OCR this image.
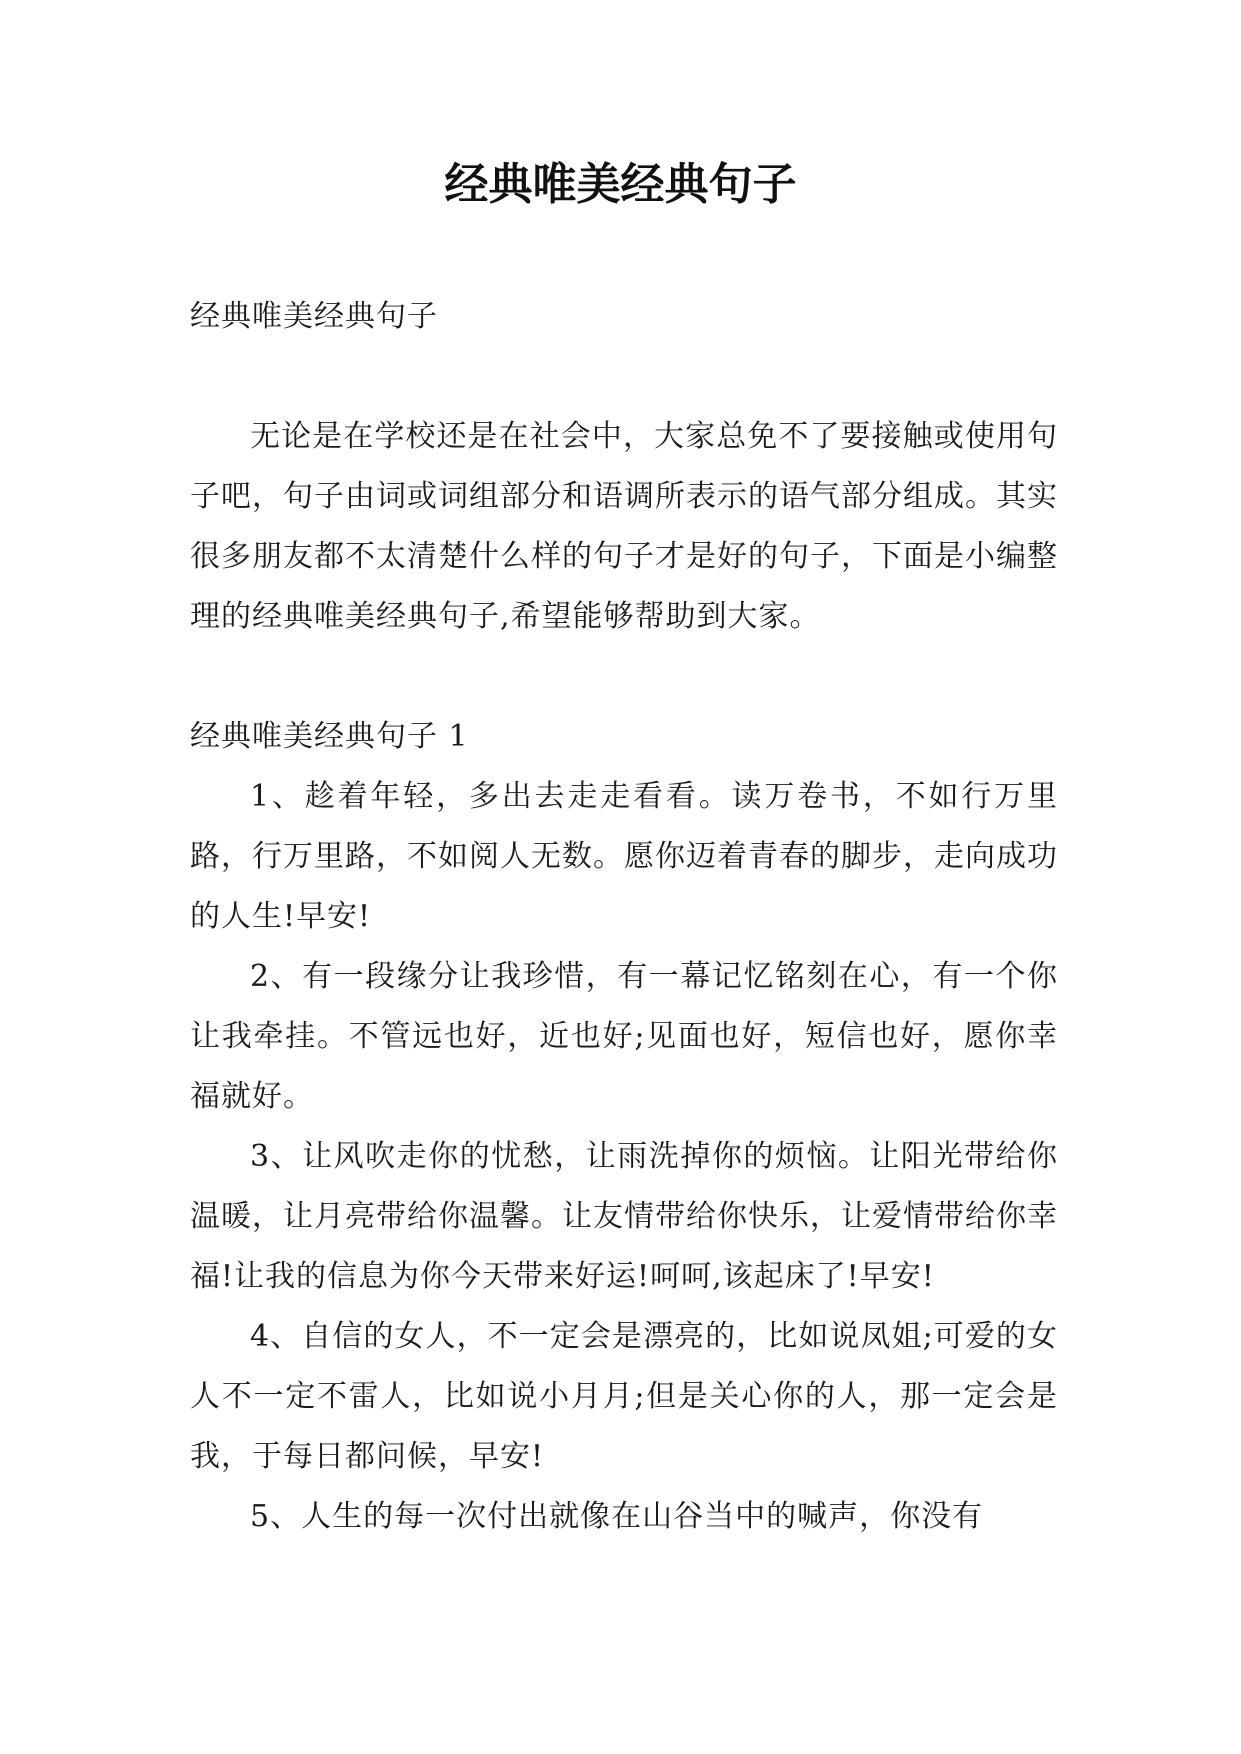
经典唯美经典句子

经典唯美经典句子

无论是在学校还是在社会中，大家总免不了要接触或使用句子吧，句子由词或词组部分和语调所表示的语气部分组成。其实很多朋友都不太清楚什么样的句子才是好的句子，下面是小编整理的经典唯美经典句子,希望能够帮助到大家。

经典唯美经典句子 1

1、趁着年轻，多出去走走看看。读万卷书，不如行万里路，行万里路，不如阅人无数。愿你迈着青春的脚步，走向成功的人生!早安!

2、有一段缘分让我珍惜，有一幕记忆铭刻在心，有一个你让我牵挂。不管远也好，近也好;见面也好，短信也好，愿你幸福就好。

3、让风吹走你的忧愁，让雨洗掉你的烦恼。让阳光带给你温暖，让月亮带给你温馨。让友情带给你快乐，让爱情带给你幸福!让我的信息为你今天带来好运!呵呵,该起床了!早安!

4、自信的女人，不一定会是漂亮的，比如说凤姐;可爱的女人不一定不雷人，比如说小月月;但是关心你的人，那一定会是我，于每日都问候，早安!

5、人生的每一次付出就像在山谷当中的喊声，你没有
